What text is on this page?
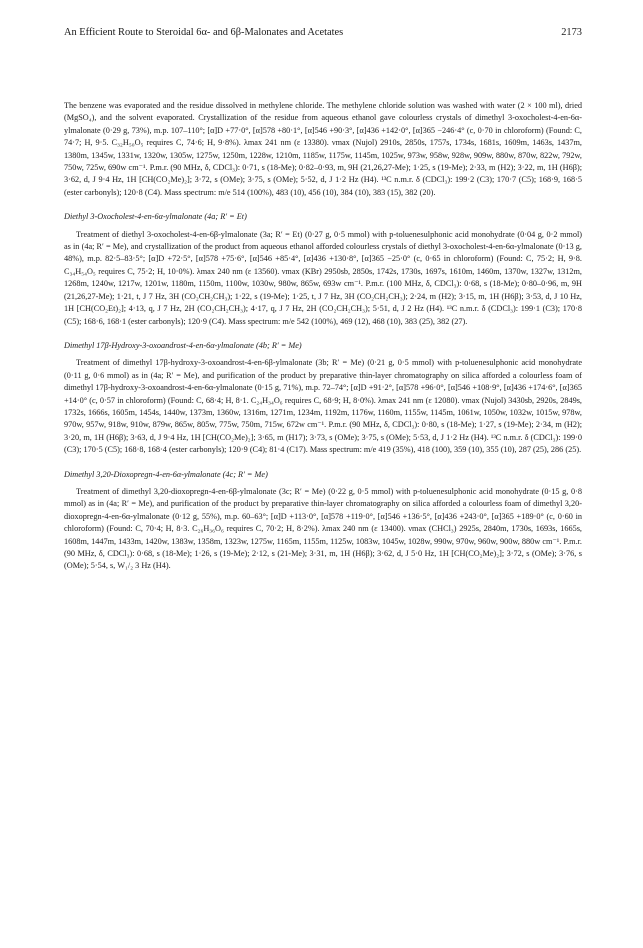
An Efficient Route to Steroidal 6α- and 6β-Malonates and Acetates	2173

The benzene was evaporated and the residue dissolved in methylene chloride. The methylene chloride solution was washed with water (2 × 100 ml), dried (MgSO₄), and the solvent evaporated. Crystallization of the residue from aqueous ethanol gave colourless crystals of dimethyl 3-oxocholest-4-en-6α-ylmalonate (0·29 g, 73%), m.p. 107–110°; [α]D +77·0°, [α]578 +80·1°, [α]546 +90·3°, [α]436 +142·0°, [α]365 −246·4° (c, 0·70 in chloroform) (Found: C, 74·7; H, 9·5. C₃₂H₅₀O₅ requires C, 74·6; H, 9·8%). λmax 241 nm (ε 13380). νmax (Nujol) 2910s, 2850s, 1757s, 1734s, 1681s, 1609m, 1463s, 1437m, 1380m, 1345w, 1331w, 1320w, 1305w, 1275w, 1250m, 1228w, 1210m, 1185w, 1175w, 1145m, 1025w, 973w, 958w, 928w, 909w, 880w, 870w, 822w, 792w, 750w, 725w, 690w cm⁻¹. P.m.r. (90 MHz, δ, CDCl₃): 0·71, s (18-Me); 0·82–0·93, m, 9H (21,26,27-Me); 1·25, s (19-Me); 2·33, m (H2); 3·22, m, 1H (H6β); 3·62, d, J 9·4 Hz, 1H [CH(CO₂Me)₂]; 3·72, s (OMe); 3·75, s (OMe); 5·52, d, J 1·2 Hz (H4). ¹³C n.m.r. δ (CDCl₃): 199·2 (C3); 170·7 (C5); 168·9, 168·5 (ester carbonyls); 120·8 (C4). Mass spectrum: m/e 514 (100%), 483 (10), 456 (10), 384 (10), 383 (15), 382 (20).

Diethyl 3-Oxocholest-4-en-6α-ylmalonate (4a; R′ = Et)

Treatment of diethyl 3-oxocholest-4-en-6β-ylmalonate (3a; R′ = Et) (0·27 g, 0·5 mmol) with p-toluenesulphonic acid monohydrate (0·04 g, 0·2 mmol) as in (4a; R′ = Me), and crystallization of the product from aqueous ethanol afforded colourless crystals of diethyl 3-oxocholest-4-en-6α-ylmalonate (0·13 g, 48%), m.p. 82·5–83·5°; [α]D +72·5°, [α]578 +75·6°, [α]546 +85·4°, [α]436 +130·8°, [α]365 −25·0° (c, 0·65 in chloroform) (Found: C, 75·2; H, 9·8. C₃₄H₅₄O₅ requires C, 75·2; H, 10·0%). λmax 240 nm (ε 13560). νmax (KBr) 2950sb, 2850s, 1742s, 1730s, 1697s, 1610m, 1460m, 1370w, 1327w, 1312m, 1268m, 1240w, 1217w, 1201w, 1180m, 1150m, 1100w, 1030w, 980w, 865w, 693w cm⁻¹. P.m.r. (100 MHz, δ, CDCl₃): 0·68, s (18-Me); 0·80–0·96, m, 9H (21,26,27-Me); 1·21, t, J 7 Hz, 3H (CO₂CH₂CH₃); 1·22, s (19-Me); 1·25, t, J 7 Hz, 3H (CO₂CH₂CH₃); 2·24, m (H2); 3·15, m, 1H (H6β); 3·53, d, J 10 Hz, 1H [CH(CO₂Et)₂]; 4·13, q, J 7 Hz, 2H (CO₂CH₂CH₃); 4·17, q, J 7 Hz, 2H (CO₂CH₂CH₃); 5·51, d, J 2 Hz (H4). ¹³C n.m.r. δ (CDCl₃): 199·1 (C3); 170·8 (C5); 168·6, 168·1 (ester carbonyls); 120·9 (C4). Mass spectrum: m/e 542 (100%), 469 (12), 468 (10), 383 (25), 382 (27).

Dimethyl 17β-Hydroxy-3-oxoandrost-4-en-6α-ylmalonate (4b; R′ = Me)

Treatment of dimethyl 17β-hydroxy-3-oxoandrost-4-en-6β-ylmalonate (3b; R′ = Me) (0·21 g, 0·5 mmol) with p-toluenesulphonic acid monohydrate (0·11 g, 0·6 mmol) as in (4a; R′ = Me), and purification of the product by preparative thin-layer chromatography on silica afforded a colourless foam of dimethyl 17β-hydroxy-3-oxoandrost-4-en-6α-ylmalonate (0·15 g, 71%), m.p. 72–74°; [α]D +91·2°, [α]578 +96·0°, [α]546 +108·9°, [α]436 +174·6°, [α]365 +14·0° (c, 0·57 in chloroform) (Found: C, 68·4; H, 8·1. C₂₄H₃₄O₆ requires C, 68·9; H, 8·0%). λmax 241 nm (ε 12080). νmax (Nujol) 3430sb, 2920s, 2849s, 1732s, 1666s, 1605m, 1454s, 1440w, 1373m, 1360w, 1316m, 1271m, 1234m, 1192m, 1176w, 1160m, 1155w, 1145m, 1061w, 1050w, 1032w, 1015w, 978w, 970w, 957w, 918w, 910w, 879w, 865w, 805w, 775w, 750m, 715w, 672w cm⁻¹. P.m.r. (90 MHz, δ, CDCl₃): 0·80, s (18-Me); 1·27, s (19-Me); 2·34, m (H2); 3·20, m, 1H (H6β); 3·63, d, J 9·4 Hz, 1H [CH(CO₂Me)₂]; 3·65, m (H17); 3·73, s (OMe); 3·75, s (OMe); 5·53, d, J 1·2 Hz (H4). ¹³C n.m.r. δ (CDCl₃): 199·0 (C3); 170·5 (C5); 168·8, 168·4 (ester carbonyls); 120·9 (C4); 81·4 (C17). Mass spectrum: m/e 419 (35%), 418 (100), 359 (10), 355 (10), 287 (25), 286 (25).

Dimethyl 3,20-Dioxopregn-4-en-6α-ylmalonate (4c; R′ = Me)

Treatment of dimethyl 3,20-dioxopregn-4-en-6β-ylmalonate (3c; R′ = Me) (0·22 g, 0·5 mmol) with p-toluenesulphonic acid monohydrate (0·15 g, 0·8 mmol) as in (4a; R′ = Me), and purification of the product by preparative thin-layer chromatography on silica afforded a colourless foam of dimethyl 3,20-dioxopregn-4-en-6α-ylmalonate (0·12 g, 55%), m.p. 60–63°; [α]D +113·0°, [α]578 +119·0°, [α]546 +136·5°, [α]436 +243·0°, [α]365 +189·0° (c, 0·60 in chloroform) (Found: C, 70·4; H, 8·3. C₂₆H₃₆O₆ requires C, 70·2; H, 8·2%). λmax 240 nm (ε 13400). νmax (CHCl₃) 2925s, 2840m, 1730s, 1693s, 1665s, 1608m, 1447m, 1433m, 1420w, 1383w, 1358m, 1323w, 1275w, 1165m, 1155m, 1125w, 1083w, 1045w, 1028w, 990w, 970w, 960w, 900w, 880w cm⁻¹. P.m.r. (90 MHz, δ, CDCl₃): 0·68, s (18-Me); 1·26, s (19-Me); 2·12, s (21-Me); 3·31, m, 1H (H6β); 3·62, d, J 5·0 Hz, 1H [CH(CO₂Me)₂]; 3·72, s (OMe); 3·76, s (OMe); 5·54, s, W₁/₂ 3 Hz (H4).
